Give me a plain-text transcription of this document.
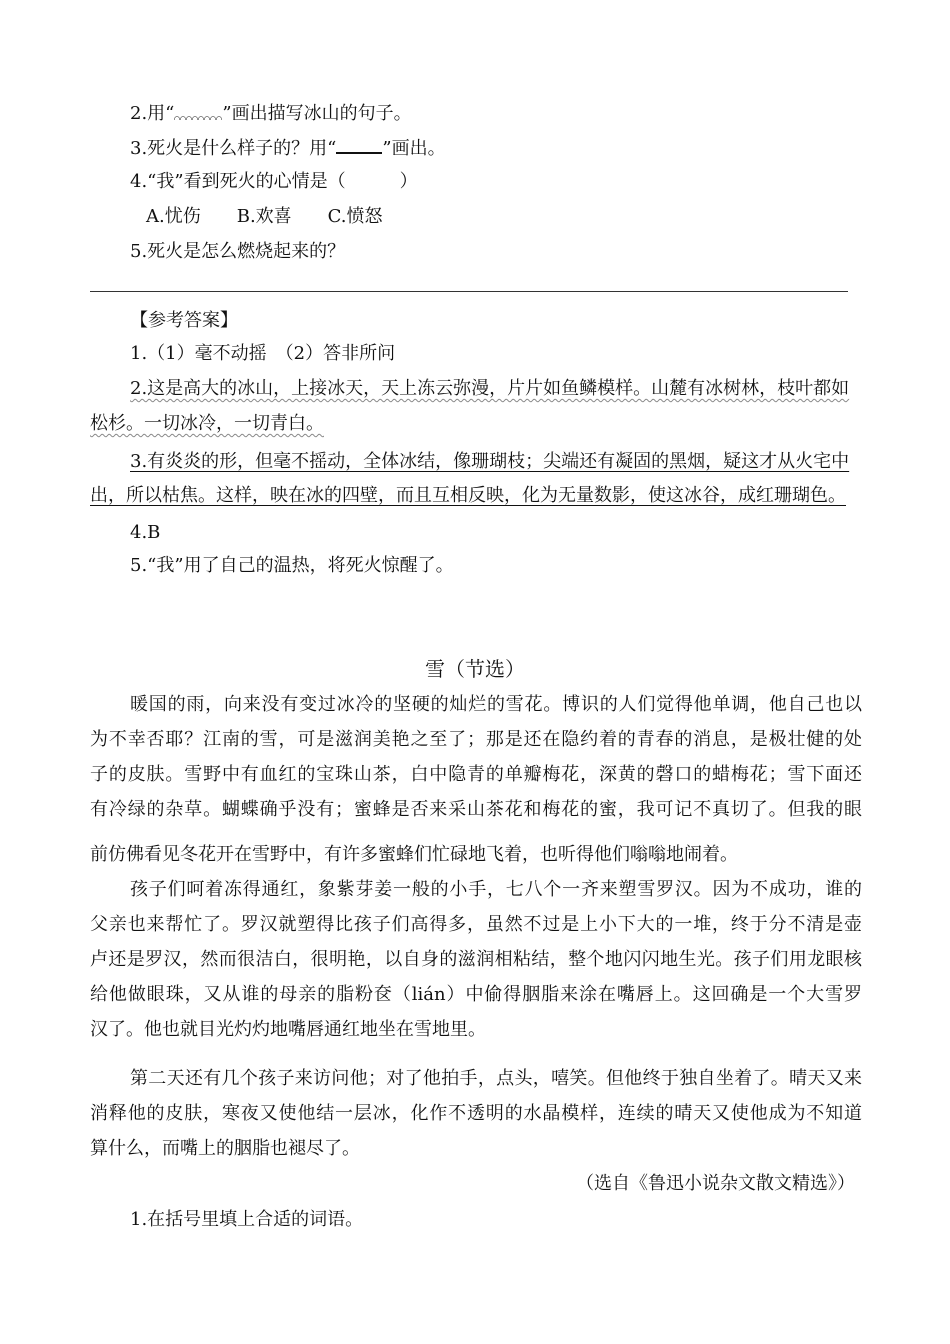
2.用“	”画出描写冰山的句子。
3.死火是什么样子的？用“	”画出。
4.“我”看到死火的心情是（　　　）
A.忧伤　　B.欢喜　　C.愤怒
5.死火是怎么燃烧起来的？
【参考答案】
1.（1）毫不动摇　（2）答非所问
2.这是高大的冰山，上接冰天，天上冻云弥漫，片片如鱼鳞模样。山麓有冰树林，枝叶都如
松杉。一切冰冷，一切青白。
3.有炎炎的形，但毫不摇动，全体冰结，像珊瑚枝；尖端还有凝固的黑烟，疑这才从火宅中
出，所以枯焦。这样，映在冰的四壁，而且互相反映，化为无量数影，使这冰谷，成红珊瑚色。
4.B
5.“我”用了自己的温热，将死火惊醒了。
雪（节选）
暖国的雨，向来没有变过冰冷的坚硬的灿烂的雪花。博识的人们觉得他单调，他自己也以
为不幸否耶？江南的雪，可是滋润美艳之至了；那是还在隐约着的青春的消息，是极壮健的处
子的皮肤。雪野中有血红的宝珠山茶，白中隐青的单瓣梅花，深黄的磬口的蜡梅花；雪下面还
有冷绿的杂草。蝴蝶确乎没有；蜜蜂是否来采山茶花和梅花的蜜，我可记不真切了。但我的眼
前仿佛看见冬花开在雪野中，有许多蜜蜂们忙碌地飞着，也听得他们嗡嗡地闹着。
孩子们呵着冻得通红，象紫芽姜一般的小手，七八个一齐来塑雪罗汉。因为不成功，谁的
父亲也来帮忙了。罗汉就塑得比孩子们高得多，虽然不过是上小下大的一堆，终于分不清是壶
卢还是罗汉，然而很洁白，很明艳，以自身的滋润相粘结，整个地闪闪地生光。孩子们用龙眼核
给他做眼珠，又从谁的母亲的脂粉奁（lián）中偷得胭脂来涂在嘴唇上。这回确是一个大雪罗
汉了。他也就目光灼灼地嘴唇通红地坐在雪地里。
第二天还有几个孩子来访问他；对了他拍手，点头，嘻笑。但他终于独自坐着了。晴天又来
消释他的皮肤，寒夜又使他结一层冰，化作不透明的水晶模样，连续的晴天又使他成为不知道
算什么，而嘴上的胭脂也褪尽了。
（选自《鲁迅小说杂文散文精选》）
1.在括号里填上合适的词语。
